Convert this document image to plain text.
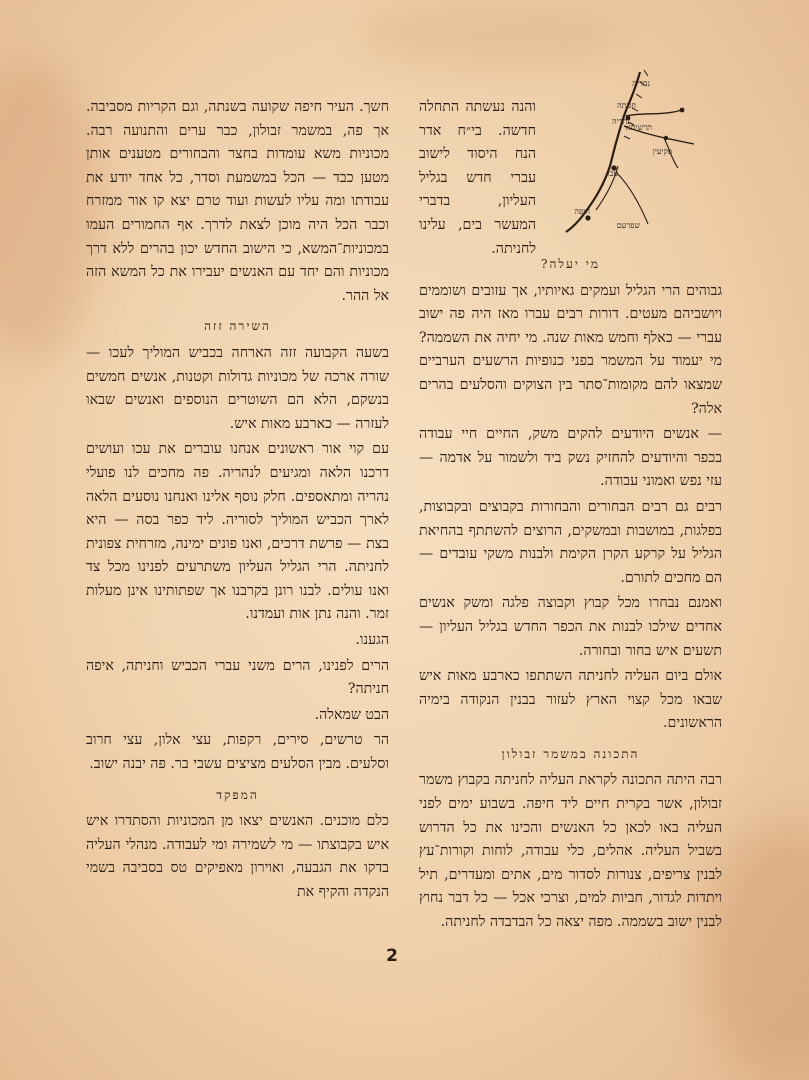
נהריה
חניתה
תרשיחא
נהריה
פקיעין
עכו
חיפה
שפרעם
והנה נעשתה התחלה חדשה. בי״ח אדר הנח היסוד לישוב עברי חדש בגליל העליון, בדברי המעשר בים, עלינו לחניתה.
מי יעלה?

גבוהים הרי הגליל ועמקים גאיותיו, אך עזובים ושוממים ויושביהם מעטים. דורות רבים עברו מאז היה פה ישוב עברי — כאלף וחמש מאות שנה. מי יחיה את השממה? מי יעמוד על המשמר בפני כנופיות הרשעים הערביים שמצאו להם מקומות־סתר בין הצוקים והסלעים בהרים אלה?

— אנשים היודעים להקים משק, החיים חיי עבודה בכפר והיודעים להחזיק נשק ביד ולשמור על אדמה — עזי נפש ואמוני עבודה.

רבים גם רבים הבחורים והבחורות בקבוצים ובקבוצות, בפלגות, במושבות ובמשקים, הרוצים להשתתף בהחיאת הגליל על קרקע הקרן הקימת ולבנות משקי עובדים — הם מחכים לתורם.

ואמנם נבחרו מכל קבוץ וקבוצה פלגה ומשק אנשים אחדים שילכו לבנות את הכפר החדש בגליל העליון — תשעים איש בחור ובחורה.

אולם ביום העליה לחניתה השתתפו כארבע מאות איש שבאו מכל קצוי הארץ לעזור בבנין הנקודה בימיה הראשונים.

התכונה במשמר זבולון

רבה היתה התכונה לקראת העליה לחניתה בקבוץ משמר זבולון, אשר בקרית חיים ליד חיפה. בשבוע ימים לפני העליה באו לכאן כל האנשים והכינו את כל הדרוש בשביל העליה. אהלים, כלי עבודה, לוחות וקורות־עץ לבנין צריפים, צנורות לסדור מים, אתים ומעדרים, תיל ויתדות לגדור, חביות למים, וצרכי אכל — כל דבר נחוץ לבנין ישוב בשממה. מפה יצאה כל הבדבדה לחניתה.

חשך. העיר חיפה שקועה בשנתה, וגם הקריות מסביבה. אך פה, במשמר זבולון, כבר ערים והתנועה רבה. מכוניות משא עומדות בחצר והבחורים מטענים אותן מטען כבד — הכל במשמעת וסדר, כל אחד יודע את עבודתו ומה עליו לעשות ועוד טרם יצא קו אור ממזרח וכבר הכל היה מוכן לצאת לדרך. אף החמורים העמו במכוניות־המשא, כי הישוב החדש יכון בהרים ללא דרך מכוניות והם יחד עם האנשים יעבירו את כל המשא הזה אל ההר.

השירה זזה

בשעה הקבועה זזה הארחה בכביש המוליך לעכו — שורה ארכה של מכוניות גדולות וקטנות, אנשים חמשים בנשקם, הלא הם השוטרים הנוספים ואנשים שבאו לעזרה — כארבע מאות איש.

עם קוי אור ראשונים אנחנו עוברים את עכו ועושים דרכנו הלאה ומגיעים לנהריה. פה מחכים לנו פועלי נהריה ומתאספים. חלק נוסף אלינו ואנחנו נוסעים הלאה לארך הכביש המוליך לסוריה. ליד כפר בסה — היא בצת — פרשת דרכים, ואנו פונים ימינה, מזרחית צפונית לחניתה. הרי הגליל העליון משתרעים לפנינו מכל צד ואנו עולים. לבנו רונן בקרבנו אך שפתותינו אינן מעלות זמר. והנה נתן אות ועמדנו.

הגענו.

הרים לפנינו, הרים משני עברי הכביש וחניתה, איפה חניתה?

הבט שמאלה.

הר טרשים, סירים, רקפות, עצי אלון, עצי חרוב וסלעים. מבין הסלעים מציצים עשבי בר. פה יבנה ישוב.

המפקד

כלם מוכנים. האנשים יצאו מן המכוניות והסתדרו איש איש בקבוצתו — מי לשמירה ומי לעבודה. מנהלי העליה בדקו את הגבעה, ואוירון מאפיקים טס בסביבה בשמי הנקדה והקיף את

2
